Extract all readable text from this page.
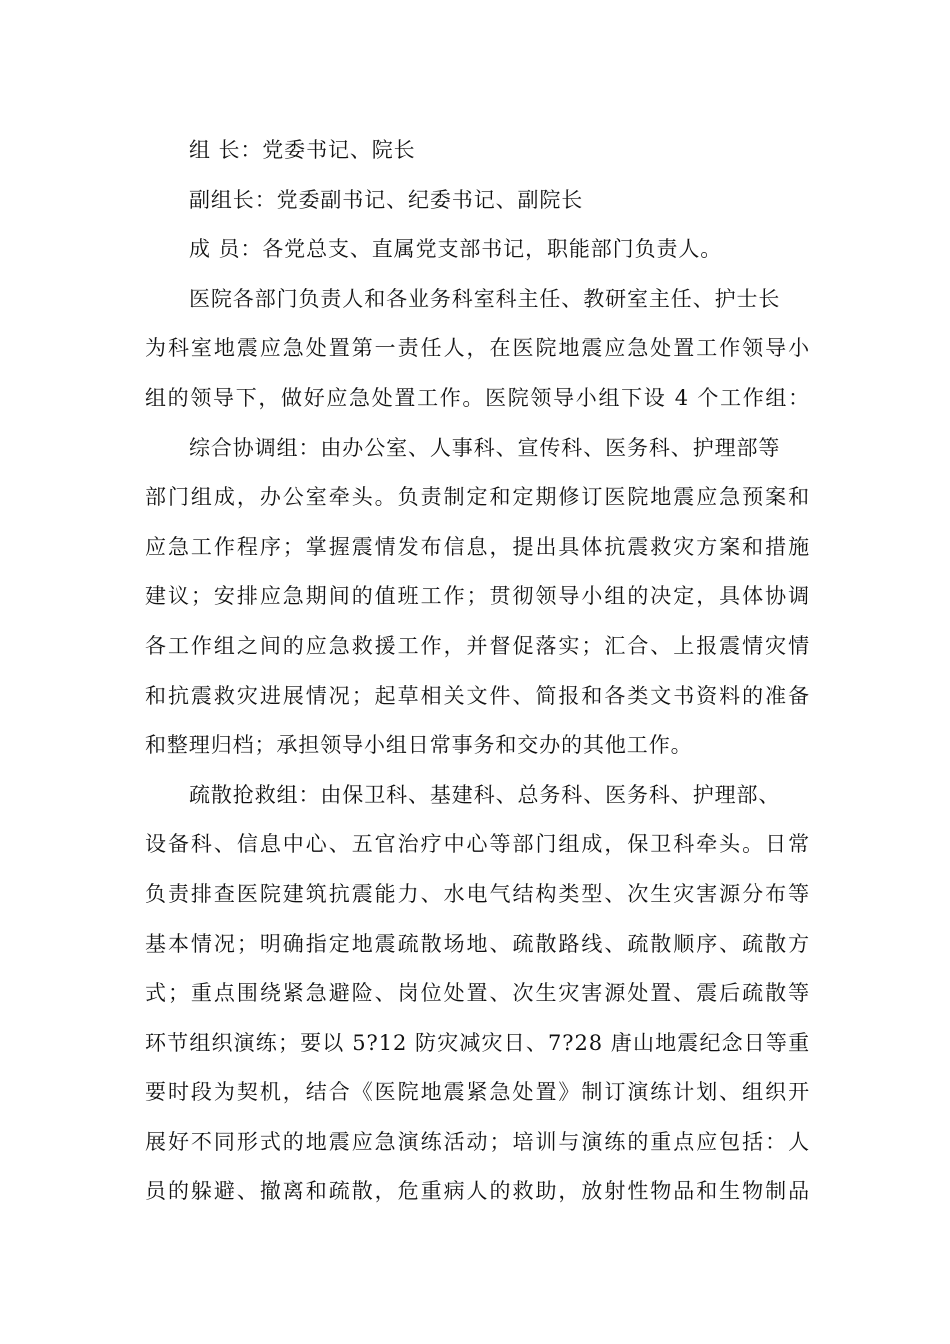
组 长：党委书记、院长
副组长：党委副书记、纪委书记、副院长
成 员：各党总支、直属党支部书记，职能部门负责人。
医院各部门负责人和各业务科室科主任、教研室主任、护士长
为科室地震应急处置第一责任人，在医院地震应急处置工作领导小
组的领导下，做好应急处置工作。医院领导小组下设 4 个工作组：
综合协调组：由办公室、人事科、宣传科、医务科、护理部等
部门组成，办公室牵头。负责制定和定期修订医院地震应急预案和
应急工作程序；掌握震情发布信息，提出具体抗震救灾方案和措施
建议；安排应急期间的值班工作；贯彻领导小组的决定，具体协调
各工作组之间的应急救援工作，并督促落实；汇合、上报震情灾情
和抗震救灾进展情况；起草相关文件、简报和各类文书资料的准备
和整理归档；承担领导小组日常事务和交办的其他工作。
疏散抢救组：由保卫科、基建科、总务科、医务科、护理部、
设备科、信息中心、五官治疗中心等部门组成，保卫科牵头。日常
负责排查医院建筑抗震能力、水电气结构类型、次生灾害源分布等
基本情况；明确指定地震疏散场地、疏散路线、疏散顺序、疏散方
式；重点围绕紧急避险、岗位处置、次生灾害源处置、震后疏散等
环节组织演练；要以 5?12 防灾减灾日、7?28 唐山地震纪念日等重
要时段为契机，结合《医院地震紧急处置》制订演练计划、组织开
展好不同形式的地震应急演练活动；培训与演练的重点应包括：人
员的躲避、撤离和疏散，危重病人的救助，放射性物品和生物制品
